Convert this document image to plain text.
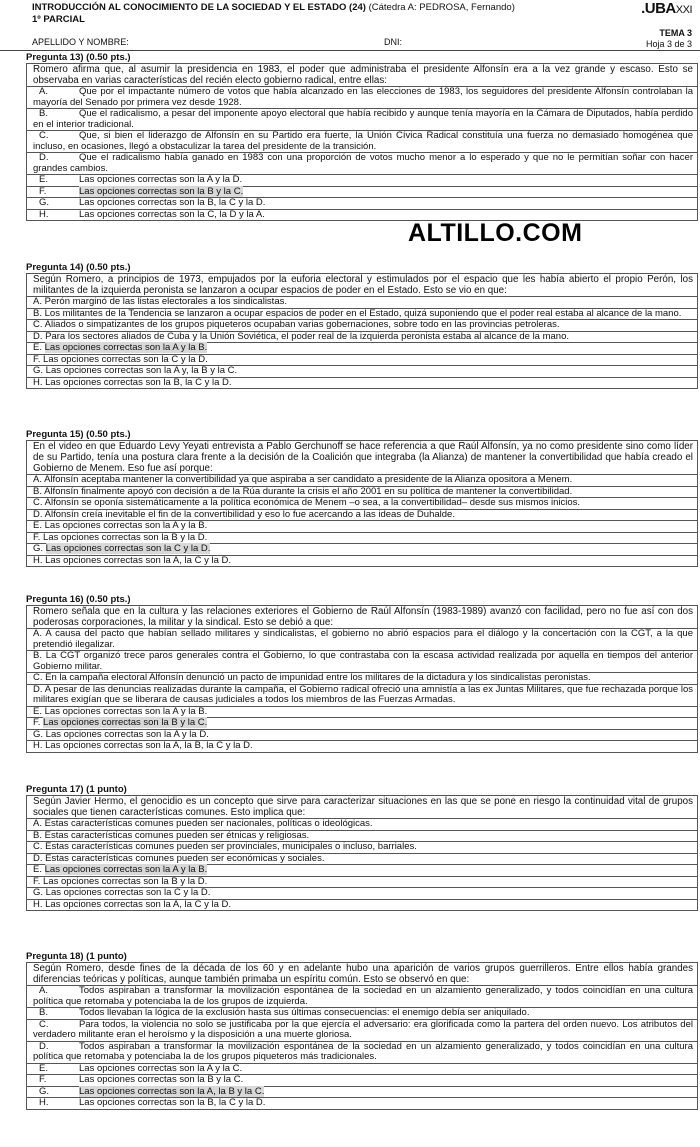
INTRODUCCIÓN AL CONOCIMIENTO DE LA SOCIEDAD Y EL ESTADO (24) (Cátedra A: PEDROSA, Fernando)
1º PARCIAL
.UBAXXI
TEMA 3
Hoja 3 de 3
APELLIDO Y NOMBRE:	DNI:
Pregunta 13) (0.50 pts.)
Romero afirma que, al asumir la presidencia en 1983, el poder que administraba el presidente Alfonsín era a la vez grande y escaso. Esto se observaba en varias características del recién electo gobierno radical, entre ellas:
A.	Que por el impactante número de votos que había alcanzado en las elecciones de 1983, los seguidores del presidente Alfonsín controlaban la mayoría del Senado por primera vez desde 1928.
B.	Que el radicalismo, a pesar del imponente apoyo electoral que había recibido y aunque tenía mayoría en la Cámara de Diputados, había perdido en el interior tradicional.
C.	Que, si bien el liderazgo de Alfonsín en su Partido era fuerte, la Unión Cívica Radical constituía una fuerza no demasiado homogénea que incluso, en ocasiones, llegó a obstaculizar la tarea del presidente de la transición.
D.	Que el radicalismo había ganado en 1983 con una proporción de votos mucho menor a lo esperado y que no le permitían soñar con hacer grandes cambios.
E.	Las opciones correctas son la A y la D.
F.	Las opciones correctas son la B y la C.
G.	Las opciones correctas son la B, la C y la D.
H.	Las opciones correctas son la C, la D y la A.
Pregunta 14) (0.50 pts.)
Según Romero, a principios de 1973, empujados por la euforia electoral y estimulados por el espacio que les había abierto el propio Perón, los militantes de la izquierda peronista se lanzaron a ocupar espacios de poder en el Estado. Esto se vio en que:
A. Perón marginó de las listas electorales a los sindicalistas.
B. Los militantes de la Tendencia se lanzaron a ocupar espacios de poder en el Estado, quizá suponiendo que el poder real estaba al alcance de la mano.
C. Aliados o simpatizantes de los grupos piqueteros ocupaban varias gobernaciones, sobre todo en las provincias petroleras.
D. Para los sectores aliados de Cuba y la Unión Soviética, el poder real de la izquierda peronista estaba al alcance de la mano.
E. Las opciones correctas son la A y la B.
F. Las opciones correctas son la C y la D.
G. Las opciones correctas son la A y, la B y la C.
H. Las opciones correctas son la B, la C y la D.
Pregunta 15) (0.50 pts.)
En el video en que Eduardo Levy Yeyati entrevista a Pablo Gerchunoff se hace referencia a que Raúl Alfonsín, ya no como presidente sino como líder de su Partido, tenía una postura clara frente a la decisión de la Coalición que integraba (la Alianza) de mantener la convertibilidad que había creado el Gobierno de Menem. Eso fue así porque:
A. Alfonsín aceptaba mantener la convertibilidad ya que aspiraba a ser candidato a presidente de la Alianza opositora a Menem.
B. Alfonsín finalmente apoyó con decisión a de la Rúa durante la crisis el año 2001 en su política de mantener la convertibilidad.
C. Alfonsín se oponía sistemáticamente a la política económica de Menem –o sea, a la convertibilidad– desde sus mismos inicios.
D. Alfonsín creía inevitable el fin de la convertibilidad y eso lo fue acercando a las ideas de Duhalde.
E. Las opciones correctas son la A y la B.
F. Las opciones correctas son la B y la D.
G. Las opciones correctas son la C y la D.
H. Las opciones correctas son la A, la C y la D.
Pregunta 16) (0.50 pts.)
Romero señala que en la cultura y las relaciones exteriores el Gobierno de Raúl Alfonsín (1983-1989) avanzó con facilidad, pero no fue así con dos poderosas corporaciones, la militar y la sindical. Esto se debió a que:
A. A causa del pacto que habían sellado militares y sindicalistas, el gobierno no abrió espacios para el diálogo y la concertación con la CGT, a la que pretendió ilegalizar.
B. La CGT organizó trece paros generales contra el Gobierno, lo que contrastaba con la escasa actividad realizada por aquella en tiempos del anterior Gobierno militar.
C. En la campaña electoral Alfonsín denunció un pacto de impunidad entre los militares de la dictadura y los sindicalistas peronistas.
D. A pesar de las denuncias realizadas durante la campaña, el Gobierno radical ofreció una amnistía a las ex Juntas Militares, que fue rechazada porque los militares exigían que se liberara de causas judiciales a todos los miembros de las Fuerzas Armadas.
E. Las opciones correctas son la A y la B.
F. Las opciones correctas son la B y la C.
G. Las opciones correctas son la A y la D.
H. Las opciones correctas son la A, la B, la C y la D.
Pregunta 17) (1 punto)
Según Javier Hermo, el genocidio es un concepto que sirve para caracterizar situaciones en las que se pone en riesgo la continuidad vital de grupos sociales que tienen características comunes. Esto implica que:
A. Estas características comunes pueden ser nacionales, políticas o ideológicas.
B. Estas características comunes pueden ser étnicas y religiosas.
C. Estas características comunes pueden ser provinciales, municipales o incluso, barriales.
D. Estas características comunes pueden ser económicas y sociales.
E. Las opciones correctas son la A y la B.
F. Las opciones correctas son la B y la D.
G. Las opciones correctas son la C y la D.
H. Las opciones correctas son la A, la C y la D.
Pregunta 18) (1 punto)
Según Romero, desde fines de la década de los 60 y en adelante hubo una aparición de varios grupos guerrilleros. Entre ellos había grandes diferencias teóricas y políticas, aunque también primaba un espíritu común. Esto se observó en que:
A.	Todos aspiraban a transformar la movilización espontánea de la sociedad en un alzamiento generalizado, y todos coincidían en una cultura política que retomaba y potenciaba la de los grupos de izquierda.
B.	Todos llevaban la lógica de la exclusión hasta sus últimas consecuencias: el enemigo debía ser aniquilado.
C.	Para todos, la violencia no solo se justificaba por la que ejercía el adversario: era glorificada como la partera del orden nuevo. Los atributos del verdadero militante eran el heroísmo y la disposición a una muerte gloriosa.
D.	Todos aspiraban a transformar la movilización espontánea de la sociedad en un alzamiento generalizado, y todos coincidían en una cultura política que retomaba y potenciaba la de los grupos piqueteros más tradicionales.
E.	Las opciones correctas son la A y la C.
F.	Las opciones correctas son la B y la C.
G.	Las opciones correctas son la A, la B y la C.
H.	Las opciones correctas son la B, la C y la D.
ALTILLO.COM
